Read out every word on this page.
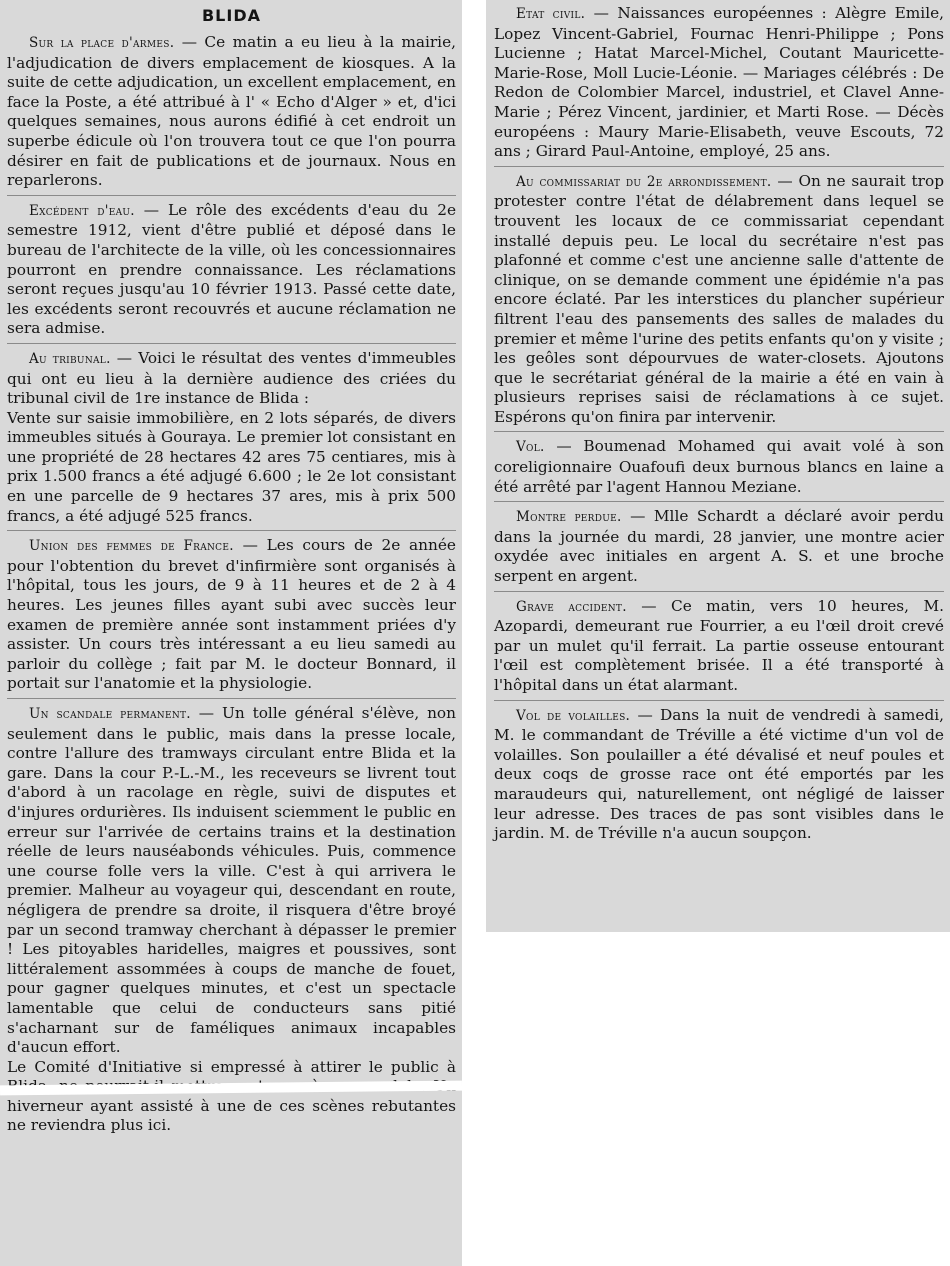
BLIDA

Sur la place d'armes. — Ce matin a eu lieu à la mairie, l'adjudication de divers emplacement de kiosques. A la suite de cette adjudication, un excellent emplacement, en face la Poste, a été attribué à l' « Echo d'Alger » et, d'ici quelques semaines, nous aurons édifié à cet endroit un superbe édicule où l'on trouvera tout ce que l'on pourra désirer en fait de publications et de journaux. Nous en reparlerons.

Excédent d'eau. — Le rôle des excédents d'eau du 2e semestre 1912, vient d'être publié et déposé dans le bureau de l'architecte de la ville, où les concessionnaires pourront en prendre connaissance. Les réclamations seront reçues jusqu'au 10 février 1913. Passé cette date, les excédents seront recouvrés et aucune réclamation ne sera admise.

Au tribunal. — Voici le résultat des ventes d'immeubles qui ont eu lieu à la dernière audience des criées du tribunal civil de 1re instance de Blida :
Vente sur saisie immobilière, en 2 lots séparés, de divers immeubles situés à Gouraya. Le premier lot consistant en une propriété de 28 hectares 42 ares 75 centiares, mis à prix 1.500 francs a été adjugé 6.600 ; le 2e lot consistant en une parcelle de 9 hectares 37 ares, mis à prix 500 francs, a été adjugé 525 francs.

Union des femmes de France. — Les cours de 2e année pour l'obtention du brevet d'infirmière sont organisés à l'hôpital, tous les jours, de 9 à 11 heures et de 2 à 4 heures. Les jeunes filles ayant subi avec succès leur examen de première année sont instamment priées d'y assister. Un cours très intéressant a eu lieu samedi au parloir du collège ; fait par M. le docteur Bonnard, il portait sur l'anatomie et la physiologie.

Un scandale permanent. — Un tolle général s'élève, non seulement dans le public, mais dans la presse locale, contre l'allure des tramways circulant entre Blida et la gare. Dans la cour P.-L.-M., les receveurs se livrent tout d'abord à un racolage en règle, suivi de disputes et d'injures ordurières. Ils induisent sciemment le public en erreur sur l'arrivée de certains trains et la destination réelle de leurs nauséabonds véhicules. Puis, commence une course folle vers la ville. C'est à qui arrivera le premier. Malheur au voyageur qui, descendant en route, négligera de prendre sa droite, il risquera d'être broyé par un second tramway cherchant à dépasser le premier ! Les pitoyables haridelles, maigres et poussives, sont littéralement assommées à coups de manche de fouet, pour gagner quelques minutes, et c'est un spectacle lamentable que celui de conducteurs sans pitié s'acharnant sur de faméliques animaux incapables d'aucun effort.
Le Comité d'Initiative si empressé à attirer le public à hiverneur ayant assisté à une de ces scènes rebutantes ne reviendra plus ici.

Etat civil. — Naissances européennes : Alègre Emile, Lopez Vincent-Gabriel, Fournac Henri-Philippe ; Pons Lucienne ; Hatat Marcel-Michel, Coutant Mauricette-Marie-Rose, Moll Lucie-Léonie. — Mariages célébrés : De Redon de Colombier Marcel, industriel, et Clavel Anne-Marie ; Pérez Vincent, jardinier, et Marti Rose. — Décès européens : Maury Marie-Elisabeth, veuve Escouts, 72 ans ; Girard Paul-Antoine, employé, 25 ans.

Au commissariat du 2e arrondissement. — On ne saurait trop protester contre l'état de délabrement dans lequel se trouvent les locaux de ce commissariat cependant installé depuis peu. Le local du secrétaire n'est pas plafonné et comme c'est une ancienne salle d'attente de clinique, on se demande comment une épidémie n'a pas encore éclaté. Par les interstices du plancher supérieur filtrent l'eau des pansements des salles de malades du premier et même l'urine des petits enfants qu'on y visite ; les geôles sont dépourvues de water-closets. Ajoutons que le secrétariat général de la mairie a été en vain à plusieurs reprises saisi de réclamations à ce sujet. Espérons qu'on finira par intervenir.

Vol. — Boumenad Mohamed qui avait volé à son coreligionnaire Ouafoufi deux burnous blancs en laine a été arrêté par l'agent Hannou Meziane.

Montre perdue. — Mlle Schardt a déclaré avoir perdu dans la journée du mardi, 28 janvier, une montre acier oxydée avec initiales en argent A. S. et une broche serpent en argent.

Grave accident. — Ce matin, vers 10 heures, M. Azopardi, demeurant rue Fourrier, a eu l'œil droit crevé par un mulet qu'il ferrait. La partie osseuse entourant l'œil est complètement brisée. Il a été transporté à l'hôpital dans un état alarmant.

Vol de volailles. — Dans la nuit de vendredi à samedi, M. le commandant de Tréville a été victime d'un vol de volailles. Son poulailler a été dévalisé et neuf poules et deux coqs de grosse race ont été emportés par les maraudeurs qui, naturellement, ont négligé de laisser leur adresse. Des traces de pas sont visibles dans le jardin. M. de Tréville n'a aucun soupçon.
